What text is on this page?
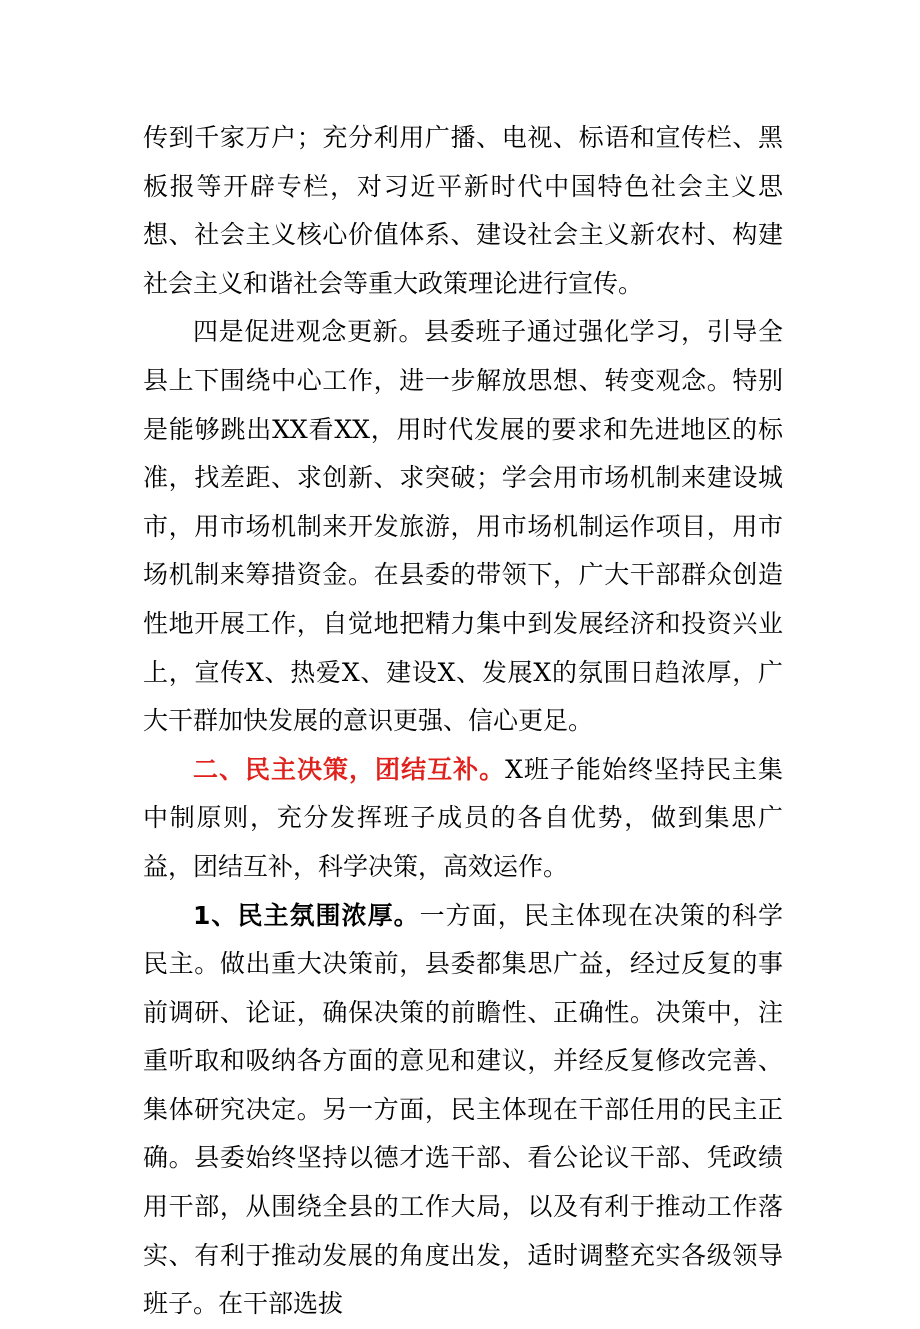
传到千家万户；充分利用广播、电视、标语和宣传栏、黑板报等开辟专栏，对习近平新时代中国特色社会主义思想、社会主义核心价值体系、建设社会主义新农村、构建社会主义和谐社会等重大政策理论进行宣传。

四是促进观念更新。县委班子通过强化学习，引导全县上下围绕中心工作，进一步解放思想、转变观念。特别是能够跳出XX看XX，用时代发展的要求和先进地区的标准，找差距、求创新、求突破；学会用市场机制来建设城市，用市场机制来开发旅游，用市场机制运作项目，用市场机制来筹措资金。在县委的带领下，广大干部群众创造性地开展工作，自觉地把精力集中到发展经济和投资兴业上，宣传X、热爱X、建设X、发展X的氛围日趋浓厚，广大干群加快发展的意识更强、信心更足。

二、民主决策，团结互补。X班子能始终坚持民主集中制原则，充分发挥班子成员的各自优势，做到集思广益，团结互补，科学决策，高效运作。

1、民主氛围浓厚。一方面，民主体现在决策的科学民主。做出重大决策前，县委都集思广益，经过反复的事前调研、论证，确保决策的前瞻性、正确性。决策中，注重听取和吸纳各方面的意见和建议，并经反复修改完善、集体研究决定。另一方面，民主体现在干部任用的民主正确。县委始终坚持以德才选干部、看公论议干部、凭政绩用干部，从围绕全县的工作大局，以及有利于推动工作落实、有利于推动发展的角度出发，适时调整充实各级领导班子。在干部选拔
